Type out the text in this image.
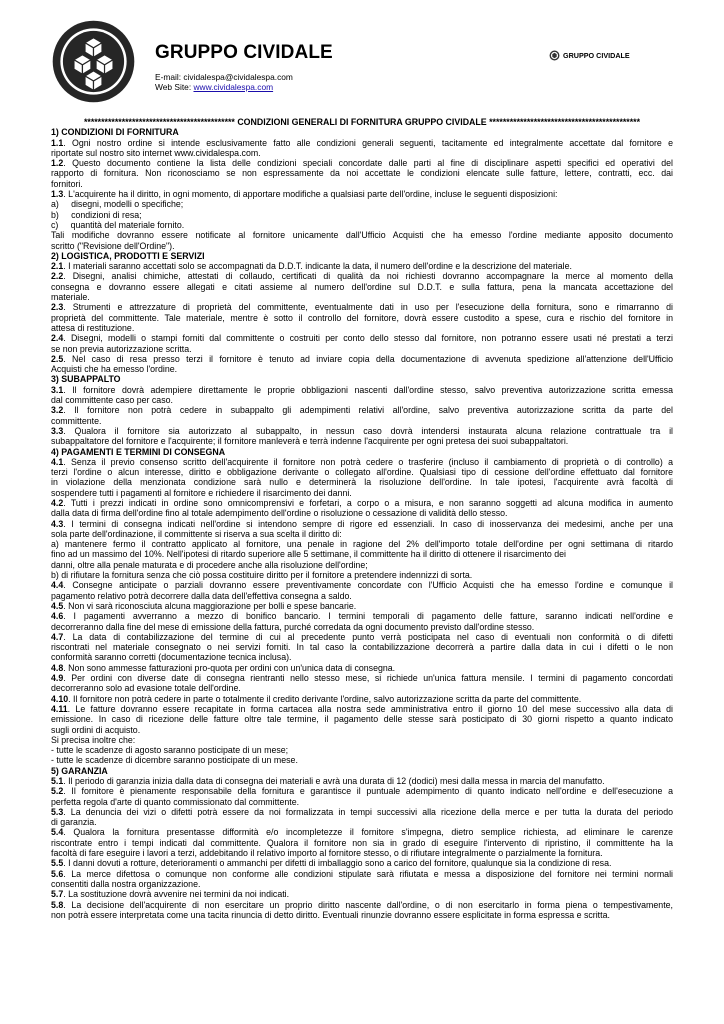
GRUPPO CIVIDALE
E-mail: cividalespa@cividalespa.com
Web Site: www.cividalespa.com
GRUPPO CIVIDALE

******************************************** CONDIZIONI GENERALI DI FORNITURA GRUPPO CIVIDALE ********************************************

1) CONDIZIONI DI FORNITURA

1.1. Ogni nostro ordine si intende esclusivamente fatto alle condizioni generali seguenti, tacitamente ed integralmente accettate dal fornitore e

riportate sul nostro sito internet www.cividalespa.com.

1.2. Questo documento contiene la lista delle condizioni speciali concordate dalle parti al fine di disciplinare aspetti specifici ed operativi del

rapporto di fornitura. Non riconosciamo se non espressamente da noi accettate le condizioni elencate sulle fatture, lettere, contratti, ecc. dai

fornitori.

1.3. L'acquirente ha il diritto, in ogni momento, di apportare modifiche a qualsiasi parte dell'ordine, incluse le seguenti disposizioni:

a)     disegni, modelli o specifiche;

b)     condizioni di resa;

c)     quantità del materiale fornito.

Tali modifiche dovranno essere notificate al fornitore unicamente dall'Ufficio Acquisti che ha emesso l'ordine mediante apposito documento

scritto ("Revisione dell'Ordine").

2) LOGISTICA, PRODOTTI E SERVIZI

2.1. I materiali saranno accettati solo se accompagnati da D.D.T. indicante la data, il numero dell'ordine e la descrizione del materiale.

2.2. Disegni, analisi chimiche, attestati di collaudo, certificati di qualità da noi richiesti dovranno accompagnare la merce al momento della

consegna e dovranno essere allegati e citati assieme al numero dell'ordine sul D.D.T. e sulla fattura, pena la mancata accettazione del

materiale.

2.3. Strumenti e attrezzature di proprietà del committente, eventualmente dati in uso per l'esecuzione della fornitura, sono e rimarranno di

proprietà del committente. Tale materiale, mentre è sotto il controllo del fornitore, dovrà essere custodito a spese, cura e rischio del fornitore in

attesa di restituzione.

2.4. Disegni, modelli o stampi forniti dal committente o costruiti per conto dello stesso dal fornitore, non potranno essere usati né prestati a terzi

se non previa autorizzazione scritta.

2.5. Nel caso di resa presso terzi il fornitore è tenuto ad inviare copia della documentazione di avvenuta spedizione all'attenzione dell'Ufficio

Acquisti che ha emesso l'ordine.

3) SUBAPPALTO

3.1. Il fornitore dovrà adempiere direttamente le proprie obbligazioni nascenti dall'ordine stesso, salvo preventiva autorizzazione scritta emessa

dal committente caso per caso.

3.2. Il fornitore non potrà cedere in subappalto gli adempimenti relativi all'ordine, salvo preventiva autorizzazione scritta da parte del

committente.

3.3. Qualora il fornitore sia autorizzato al subappalto, in nessun caso dovrà intendersi instaurata alcuna relazione contrattuale tra il

subappaltatore del fornitore e l'acquirente; il fornitore manleverà e terrà indenne l'acquirente per ogni pretesa dei suoi subappaltatori.

4) PAGAMENTI E TERMINI DI CONSEGNA

4.1. Senza il previo consenso scritto dell'acquirente il fornitore non potrà cedere o trasferire (incluso il cambiamento di proprietà o di controllo) a

terzi l'ordine o alcun interesse, diritto e obbligazione derivante o collegato all'ordine. Qualsiasi tipo di cessione dell'ordine effettuato dal fornitore

in violazione della menzionata condizione sarà nullo e determinerà la risoluzione dell'ordine. In tale ipotesi, l'acquirente avrà facoltà di

sospendere tutti i pagamenti al fornitore e richiedere il risarcimento dei danni.

4.2. Tutti i prezzi indicati in ordine sono omnicomprensivi e forfetari, a corpo o a misura, e non saranno soggetti ad alcuna modifica in aumento

dalla data di firma dell'ordine fino al totale adempimento dell'ordine o risoluzione o cessazione di validità dello stesso.

4.3. I termini di consegna indicati nell'ordine si intendono sempre di rigore ed essenziali. In caso di inosservanza dei medesimi, anche per una

sola parte dell'ordinazione, il committente si riserva a sua scelta il diritto di:

a) mantenere fermo il contratto applicato al fornitore, una penale in ragione del 2% dell'importo totale dell'ordine per ogni settimana di ritardo

fino ad un massimo del 10%. Nell'ipotesi di ritardo superiore alle 5 settimane, il committente ha il diritto di ottenere il risarcimento dei

danni, oltre alla penale maturata e di procedere anche alla risoluzione dell'ordine;

b) di rifiutare la fornitura senza che ciò possa costituire diritto per il fornitore a pretendere indennizzi di sorta.

4.4. Consegne anticipate o parziali dovranno essere preventivamente concordate con l'Ufficio Acquisti che ha emesso l'ordine e comunque il

pagamento relativo potrà decorrere dalla data dell'effettiva consegna a saldo.

4.5. Non vi sarà riconosciuta alcuna maggiorazione per bolli e spese bancarie.

4.6. I pagamenti avverranno a mezzo di bonifico bancario. I termini temporali di pagamento delle fatture, saranno indicati nell'ordine e

decorreranno dalla fine del mese di emissione della fattura, purché corredata da ogni documento previsto dall'ordine stesso.

4.7. La data di contabilizzazione del termine di cui al precedente punto verrà posticipata nel caso di eventuali non conformità o di difetti

riscontrati nel materiale consegnato o nei servizi forniti. In tal caso la contabilizzazione decorrerà a partire dalla data in cui i difetti o le non

conformità saranno corretti (documentazione tecnica inclusa).

4.8. Non sono ammesse fatturazioni pro-quota per ordini con un'unica data di consegna.

4.9. Per ordini con diverse date di consegna rientranti nello stesso mese, si richiede un'unica fattura mensile. I termini di pagamento concordati

decorreranno solo ad evasione totale dell'ordine.

4.10. Il fornitore non potrà cedere in parte o totalmente il credito derivante l'ordine, salvo autorizzazione scritta da parte del committente.

4.11. Le fatture dovranno essere recapitate in forma cartacea alla nostra sede amministrativa entro il giorno 10 del mese successivo alla data di

emissione. In caso di ricezione delle fatture oltre tale termine, il pagamento delle stesse sarà posticipato di 30 giorni rispetto a quanto indicato

sugli ordini di acquisto.

Si precisa inoltre che:

- tutte le scadenze di agosto saranno posticipate di un mese;

- tutte le scadenze di dicembre saranno posticipate di un mese.

5) GARANZIA

5.1. Il periodo di garanzia inizia dalla data di consegna dei materiali e avrà una durata di 12 (dodici) mesi dalla messa in marcia del manufatto.

5.2. Il fornitore è pienamente responsabile della fornitura e garantisce il puntuale adempimento di quanto indicato nell'ordine e dell'esecuzione a

perfetta regola d'arte di quanto commissionato dal committente.

5.3. La denuncia dei vizi o difetti potrà essere da noi formalizzata in tempi successivi alla ricezione della merce e per tutta la durata del periodo

di garanzia.

5.4. Qualora la fornitura presentasse difformità e/o incompletezze il fornitore s'impegna, dietro semplice richiesta, ad eliminare le carenze

riscontrate entro i tempi indicati dal committente. Qualora il fornitore non sia in grado di eseguire l'intervento di ripristino, il committente ha la

facoltà di fare eseguire i lavori a terzi, addebitando il relativo importo al fornitore stesso, o di rifiutare integralmente o parzialmente la fornitura.

5.5. I danni dovuti a rotture, deterioramenti o ammanchi per difetti di imballaggio sono a carico del fornitore, qualunque sia la condizione di resa.

5.6. La merce difettosa o comunque non conforme alle condizioni stipulate sarà rifiutata e messa a disposizione del fornitore nei termini normali

consentiti dalla nostra organizzazione.

5.7. La sostituzione dovrà avvenire nei termini da noi indicati.

5.8. La decisione dell'acquirente di non esercitare un proprio diritto nascente dall'ordine, o di non esercitarlo in forma piena o tempestivamente,

non potrà essere interpretata come una tacita rinuncia di detto diritto. Eventuali rinunzie dovranno essere esplicitate in forma espressa e scritta.
